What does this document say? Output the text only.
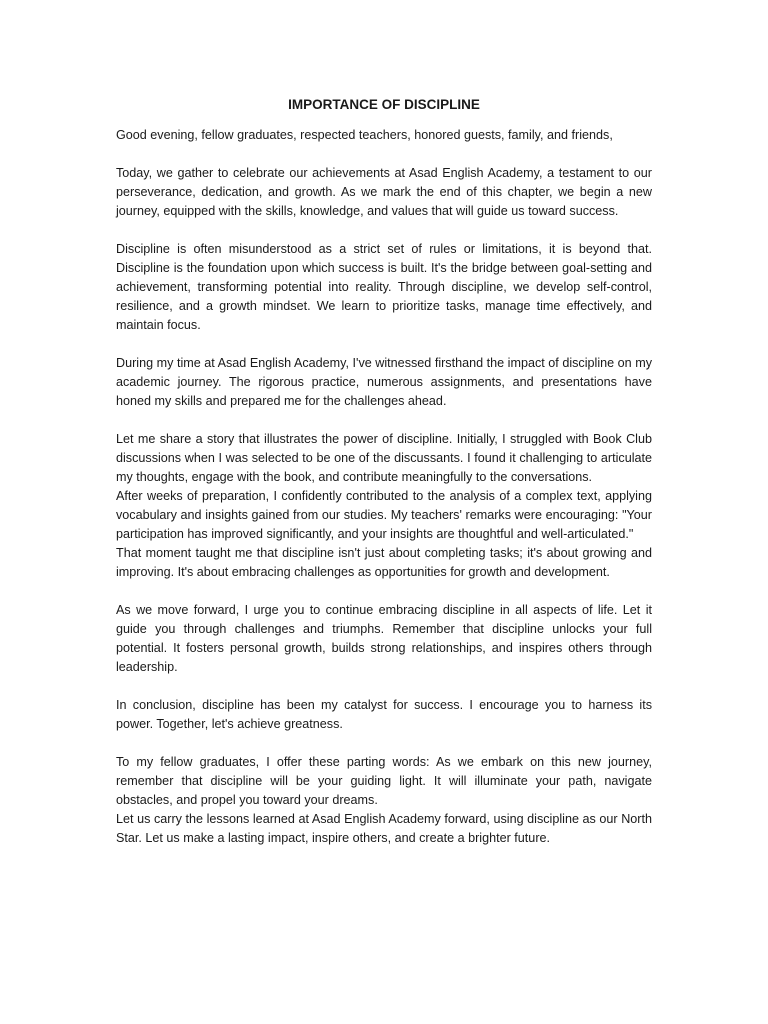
IMPORTANCE OF DISCIPLINE

Good evening, fellow graduates, respected teachers, honored guests, family, and friends,

Today, we gather to celebrate our achievements at Asad English Academy, a testament to our perseverance, dedication, and growth. As we mark the end of this chapter, we begin a new journey, equipped with the skills, knowledge, and values that will guide us toward success.

Discipline is often misunderstood as a strict set of rules or limitations, it is beyond that. Discipline is the foundation upon which success is built. It's the bridge between goal-setting and achievement, transforming potential into reality. Through discipline, we develop self-control, resilience, and a growth mindset. We learn to prioritize tasks, manage time effectively, and maintain focus.

During my time at Asad English Academy, I've witnessed firsthand the impact of discipline on my academic journey. The rigorous practice, numerous assignments, and presentations have honed my skills and prepared me for the challenges ahead.

Let me share a story that illustrates the power of discipline. Initially, I struggled with Book Club discussions when I was selected to be one of the discussants. I found it challenging to articulate my thoughts, engage with the book, and contribute meaningfully to the conversations.

After weeks of preparation, I confidently contributed to the analysis of a complex text, applying vocabulary and insights gained from our studies. My teachers' remarks were encouraging: "Your participation has improved significantly, and your insights are thoughtful and well-articulated."

That moment taught me that discipline isn't just about completing tasks; it's about growing and improving. It's about embracing challenges as opportunities for growth and development.

As we move forward, I urge you to continue embracing discipline in all aspects of life. Let it guide you through challenges and triumphs. Remember that discipline unlocks your full potential. It fosters personal growth, builds strong relationships, and inspires others through leadership.

In conclusion, discipline has been my catalyst for success. I encourage you to harness its power. Together, let's achieve greatness.

To my fellow graduates, I offer these parting words: As we embark on this new journey, remember that discipline will be your guiding light. It will illuminate your path, navigate obstacles, and propel you toward your dreams.

Let us carry the lessons learned at Asad English Academy forward, using discipline as our North Star. Let us make a lasting impact, inspire others, and create a brighter future.
